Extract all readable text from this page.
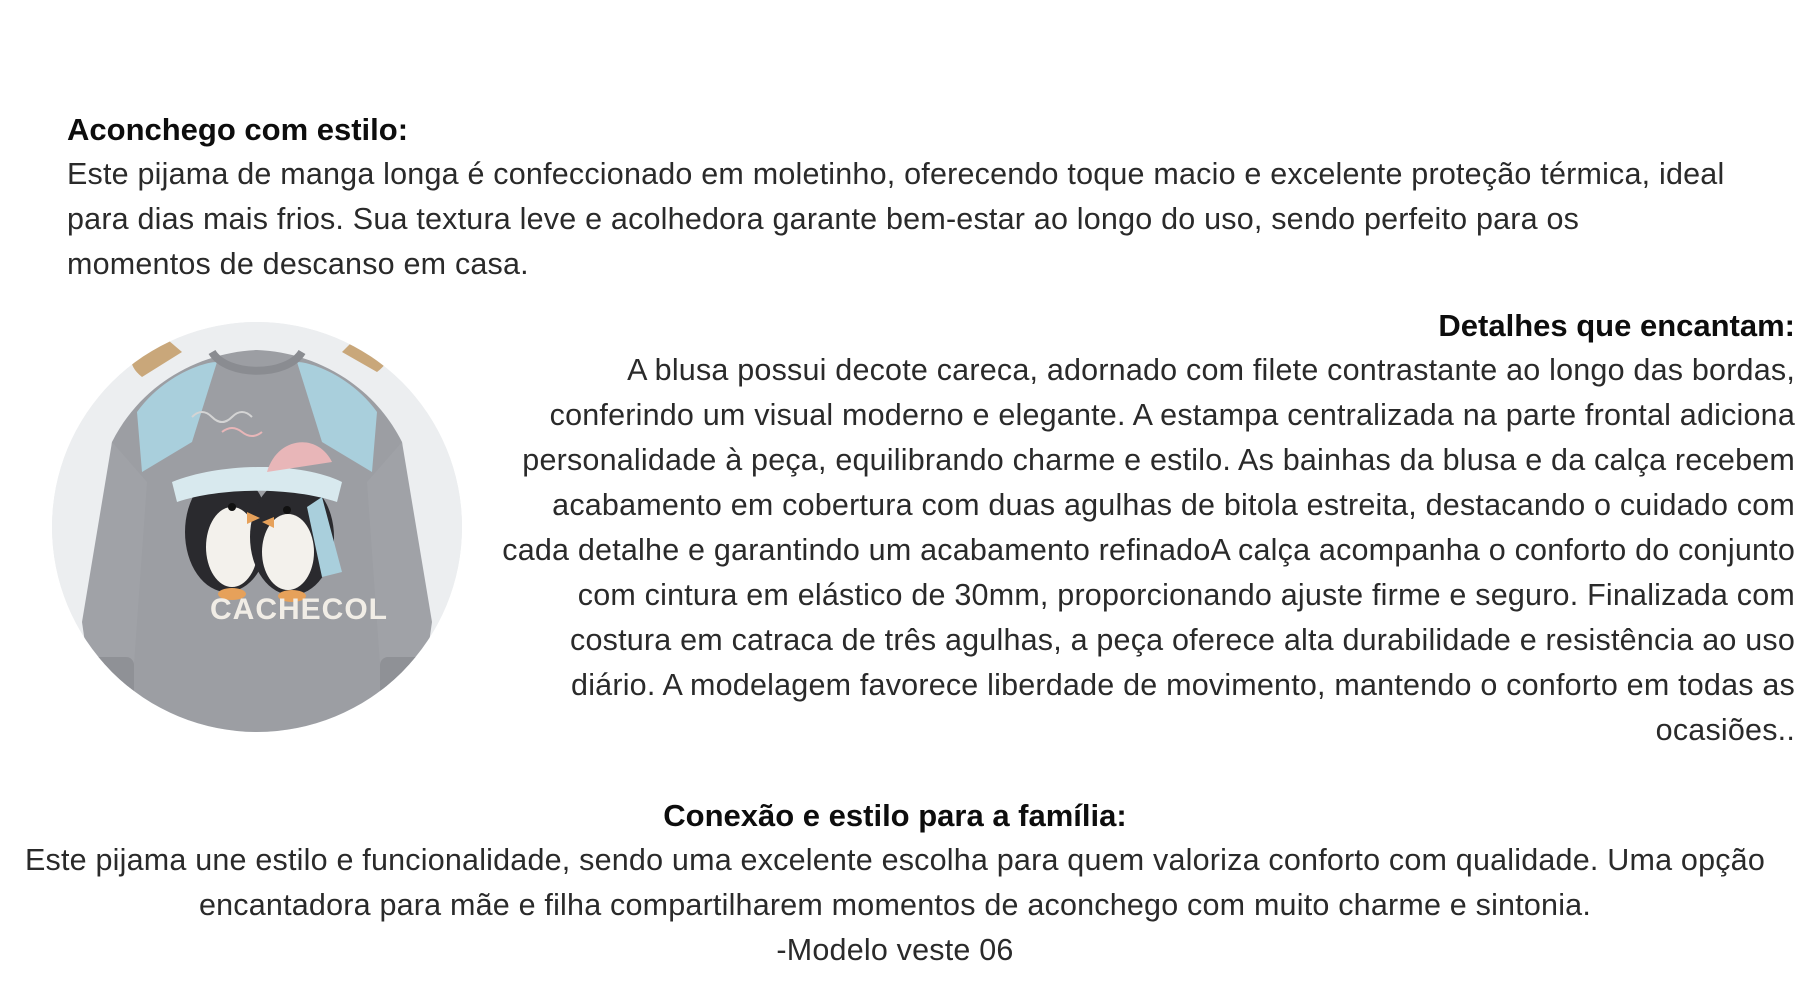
Aconchego com estilo:

Este pijama de manga longa é confeccionado em moletinho, oferecendo toque macio e excelente proteção térmica, ideal para dias mais frios. Sua textura leve e acolhedora garante bem-estar ao longo do uso, sendo perfeito para os momentos de descanso em casa.

CACHECOL

Detalhes que encantam:

A blusa possui decote careca, adornado com filete contrastante ao longo das bordas, conferindo um visual moderno e elegante. A estampa centralizada na parte frontal adiciona personalidade à peça, equilibrando charme e estilo. As bainhas da blusa e da calça recebem acabamento em cobertura com duas agulhas de bitola estreita, destacando o cuidado com cada detalhe e garantindo um acabamento refinadoA calça acompanha o conforto do conjunto com cintura em elástico de 30mm, proporcionando ajuste firme e seguro. Finalizada com costura em catraca de três agulhas, a peça oferece alta durabilidade e resistência ao uso diário. A modelagem favorece liberdade de movimento, mantendo o conforto em todas as ocasiões..

Conexão e estilo para a família:

Este pijama une estilo e funcionalidade, sendo uma excelente escolha para quem valoriza conforto com qualidade. Uma opção encantadora para mãe e filha compartilharem momentos de aconchego com muito charme e sintonia.

-Modelo veste 06
